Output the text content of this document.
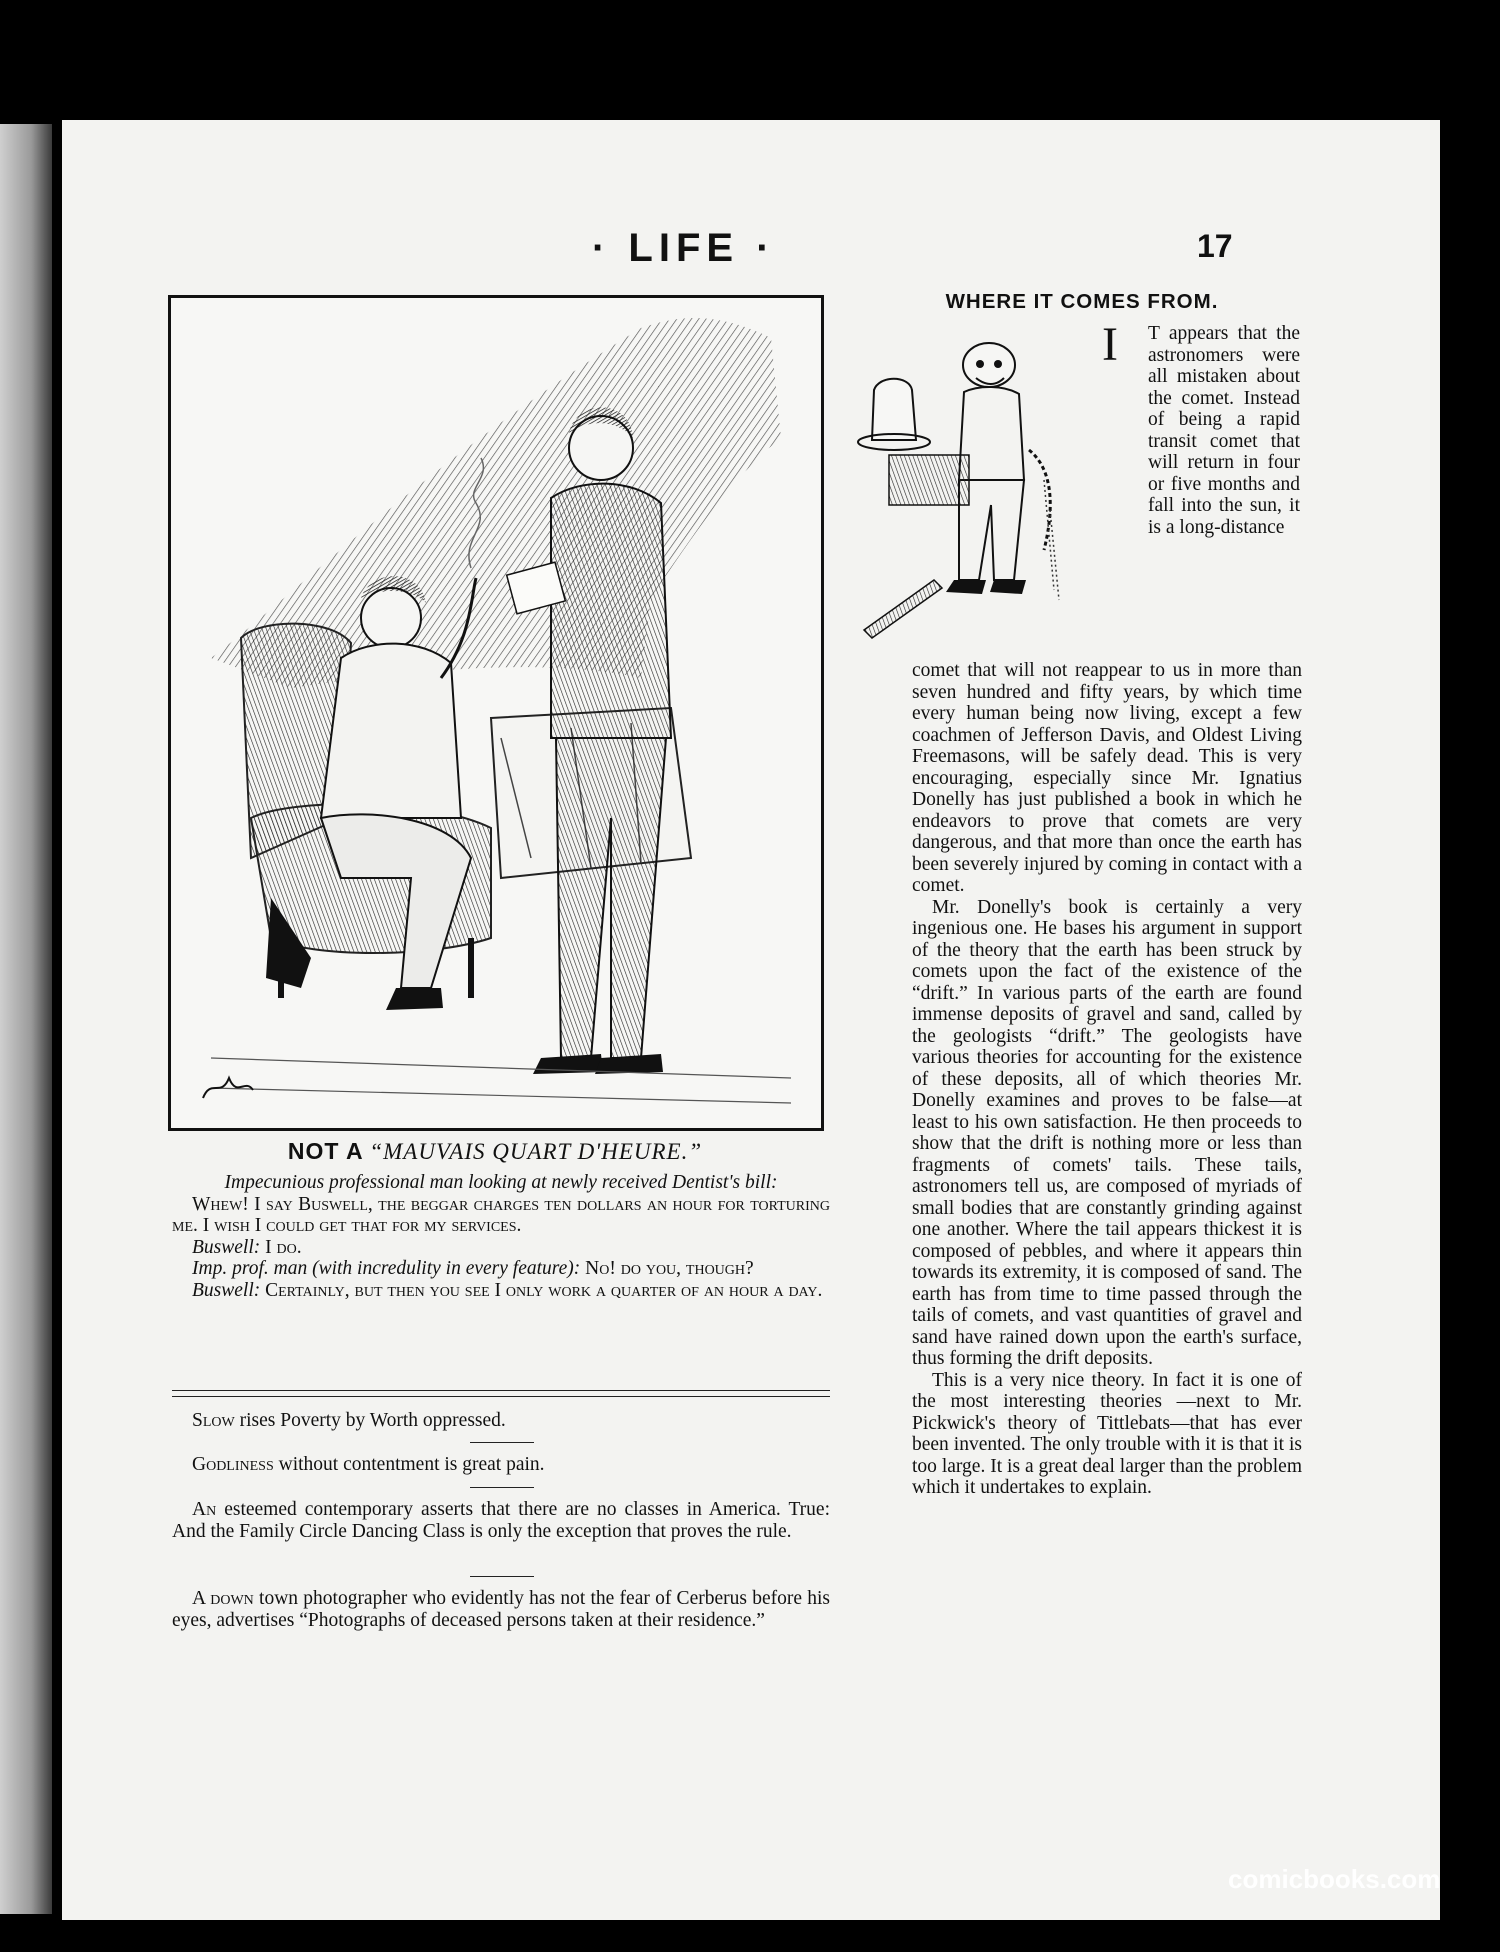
· LIFE ·	17
NOT A “MAUVAIS QUART D'HEURE.”

Impecunious professional man looking at newly received Dentist's bill:

Whew! I say Buswell, the beggar charges ten dollars an hour for torturing me. I wish I could get that for my services.

Buswell: I do.

Imp. prof. man (with incredulity in every feature): No! do you, though?

Buswell: Certainly, but then you see I only work a quarter of an hour a day.

Slow rises Poverty by Worth oppressed.

Godliness without contentment is great pain.

An esteemed contemporary asserts that there are no classes in America. True: And the Family Circle Dancing Class is only the exception that proves the rule.

A down town photographer who evidently has not the fear of Cerberus before his eyes, advertises “Photographs of deceased persons taken at their residence.”

WHERE IT COMES FROM.
I T appears that the astronomers were all mistaken about the comet. Instead of being a rapid transit comet that will return in four or five months and fall into the sun, it is a long-distance

comet that will not reappear to us in more than seven hundred and fifty years, by which time every human being now living, except a few coachmen of Jefferson Davis, and Oldest Living Freemasons, will be safely dead. This is very encouraging, especially since Mr. Ignatius Donelly has just published a book in which he endeavors to prove that comets are very dangerous, and that more than once the earth has been severely injured by coming in contact with a comet.

Mr. Donelly's book is certainly a very ingenious one. He bases his argument in support of the theory that the earth has been struck by comets upon the fact of the existence of the “drift.” In various parts of the earth are found immense deposits of gravel and sand, called by the geologists “drift.” The geologists have various theories for accounting for the existence of these deposits, all of which theories Mr. Donelly examines and proves to be false—at least to his own satisfaction. He then proceeds to show that the drift is nothing more or less than fragments of comets' tails. These tails, astronomers tell us, are composed of myriads of small bodies that are constantly grinding against one another. Where the tail appears thickest it is composed of pebbles, and where it appears thin towards its extremity, it is composed of sand. The earth has from time to time passed through the tails of comets, and vast quantities of gravel and sand have rained down upon the earth's surface, thus forming the drift deposits.

This is a very nice theory. In fact it is one of the most interesting theories —next to Mr. Pickwick's theory of Tittlebats—that has ever been invented. The only trouble with it is that it is too large. It is a great deal larger than the problem which it undertakes to explain.

comicbooks.com
